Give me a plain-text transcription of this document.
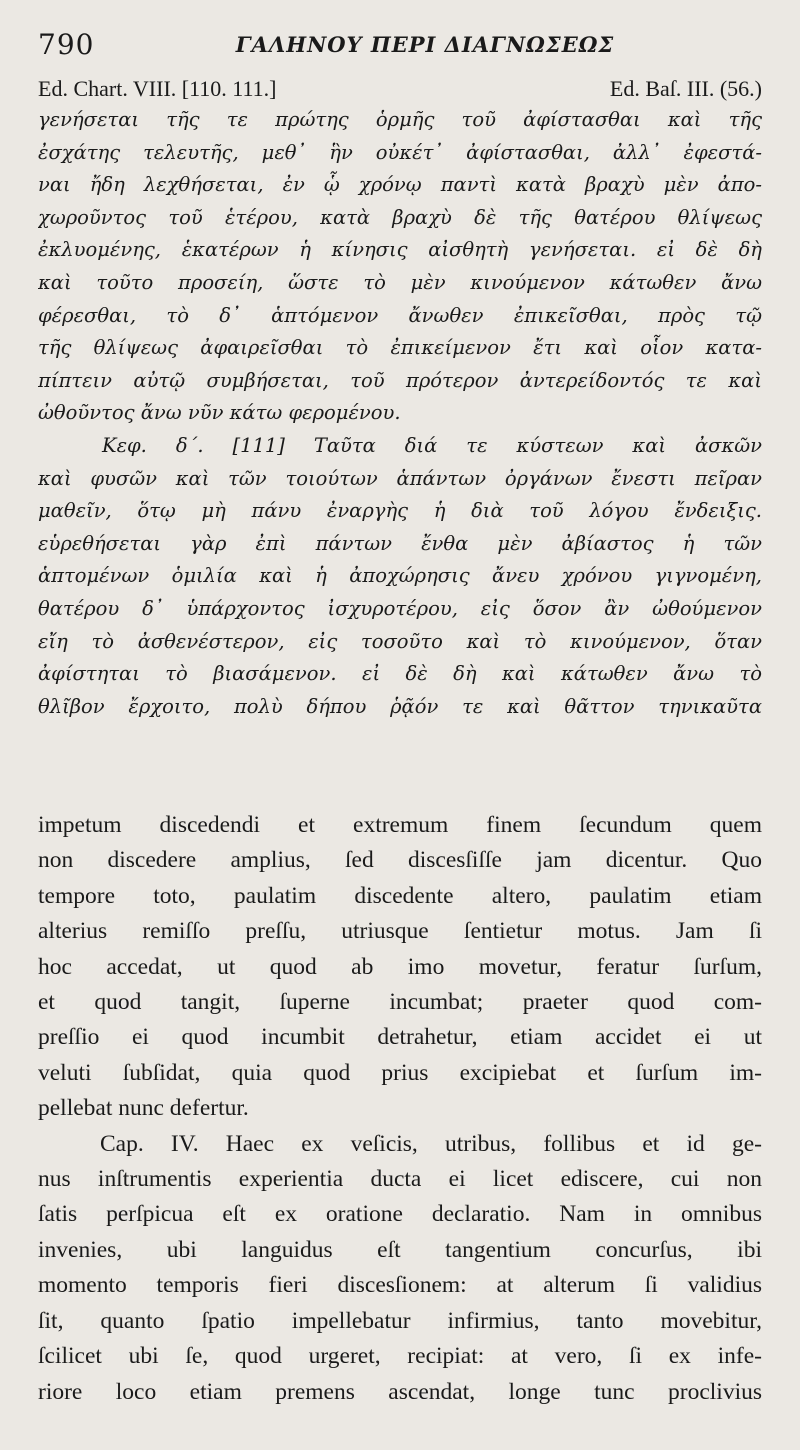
790	ΓΑΛΗΝΟΥ ΠΕΡΙ ΔΙΑΓΝΩΣΕΩΣ
Ed. Chart. VIII. [110. 111.]	Ed. Baſ. III. (56.)
γενήσεται τῆς τε πρώτης ὁρμῆς τοῦ ἀφίστασθαι καὶ τῆς
ἐσχάτης τελευτῆς, μεθ᾽ ἣν οὐκέτ᾽ ἀφίστασθαι, ἀλλ᾽ ἐφεστά-
ναι ἤδη λεχθήσεται, ἐν ᾧ χρόνῳ παντὶ κατὰ βραχὺ μὲν ἀπο-
χωροῦντος τοῦ ἑτέρου, κατὰ βραχὺ δὲ τῆς θατέρου θλίψεως
ἐκλυομένης, ἑκατέρων ἡ κίνησις αἰσθητὴ γενήσεται. εἰ δὲ δὴ
καὶ τοῦτο προσείη, ὥστε τὸ μὲν κινούμενον κάτωθεν ἄνω
φέρεσθαι, τὸ δ᾽ ἁπτόμενον ἄνωθεν ἐπικεῖσθαι, πρὸς τῷ
τῆς θλίψεως ἀφαιρεῖσθαι τὸ ἐπικείμενον ἔτι καὶ οἷον κατα-
πίπτειν αὐτῷ συμβήσεται, τοῦ πρότερον ἀντερείδοντός τε καὶ
ὠθοῦντος ἄνω νῦν κάτω φερομένου.
Κεφ. δ΄. [111] Ταῦτα διά τε κύστεων καὶ ἀσκῶν
καὶ φυσῶν καὶ τῶν τοιούτων ἁπάντων ὀργάνων ἔνεστι πεῖραν
μαθεῖν, ὅτῳ μὴ πάνυ ἐναργὴς ἡ διὰ τοῦ λόγου ἔνδειξις.
εὑρεθήσεται γὰρ ἐπὶ πάντων ἔνθα μὲν ἀβίαστος ἡ τῶν
ἁπτομένων ὁμιλία καὶ ἡ ἀποχώρησις ἄνευ χρόνου γιγνομένη,
θατέρου δ᾽ ὑπάρχοντος ἰσχυροτέρου, εἰς ὅσον ἂν ὠθούμενον
εἴη τὸ ἀσθενέστερον, εἰς τοσοῦτο καὶ τὸ κινούμενον, ὅταν
ἀφίστηται τὸ βιασάμενον. εἰ δὲ δὴ καὶ κάτωθεν ἄνω τὸ
θλῖβον ἔρχοιτο, πολὺ δήπου ῥᾷόν τε καὶ θᾶττον τηνικαῦτα
impetum discedendi et extremum finem ſecundum quem
non discedere amplius, ſed discesſiſſe jam dicentur. Quo
tempore toto, paulatim discedente altero, paulatim etiam
alterius remiſſo preſſu, utriusque ſentietur motus. Jam ſi
hoc accedat, ut quod ab imo movetur, feratur ſurſum,
et quod tangit, ſuperne incumbat; praeter quod com-
preſſio ei quod incumbit detrahetur, etiam accidet ei ut
veluti ſubſidat, quia quod prius excipiebat et ſurſum im-
pellebat nunc defertur.
Cap. IV. Haec ex veſicis, utribus, follibus et id ge-
nus inſtrumentis experientia ducta ei licet ediscere, cui non
ſatis perſpicua eſt ex oratione declaratio. Nam in omnibus
invenies, ubi languidus eſt tangentium concurſus, ibi
momento temporis fieri discesſionem: at alterum ſi validius
ſit, quanto ſpatio impellebatur infirmius, tanto movebitur,
ſcilicet ubi ſe, quod urgeret, recipiat: at vero, ſi ex infe-
riore loco etiam premens ascendat, longe tunc proclivius
